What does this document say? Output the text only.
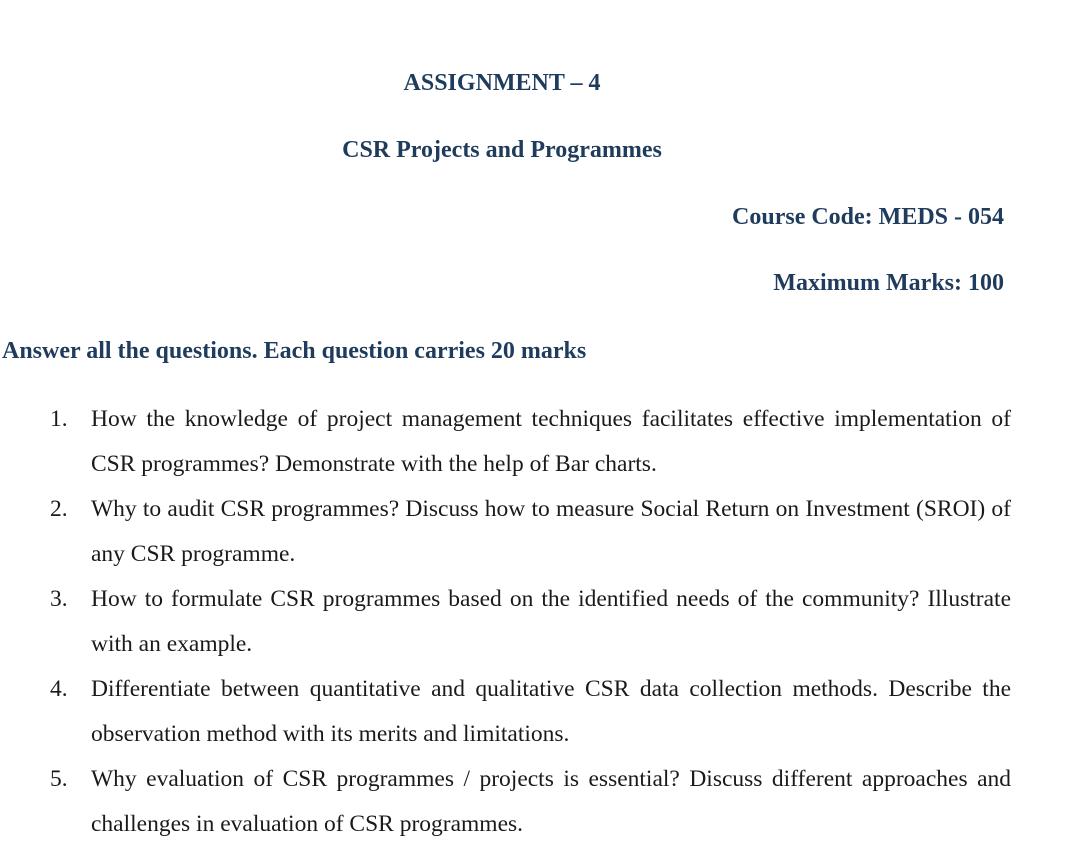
ASSIGNMENT – 4
CSR Projects and Programmes
Course Code: MEDS - 054
Maximum Marks: 100
Answer all the questions. Each question carries 20 marks
1. How the knowledge of project management techniques facilitates effective implementation of CSR programmes? Demonstrate with the help of Bar charts.
2. Why to audit CSR programmes? Discuss how to measure Social Return on Investment (SROI) of any CSR programme.
3. How to formulate CSR programmes based on the identified needs of the community? Illustrate with an example.
4. Differentiate between quantitative and qualitative CSR data collection methods. Describe the observation method with its merits and limitations.
5. Why evaluation of CSR programmes / projects is essential? Discuss different approaches and challenges in evaluation of CSR programmes.
